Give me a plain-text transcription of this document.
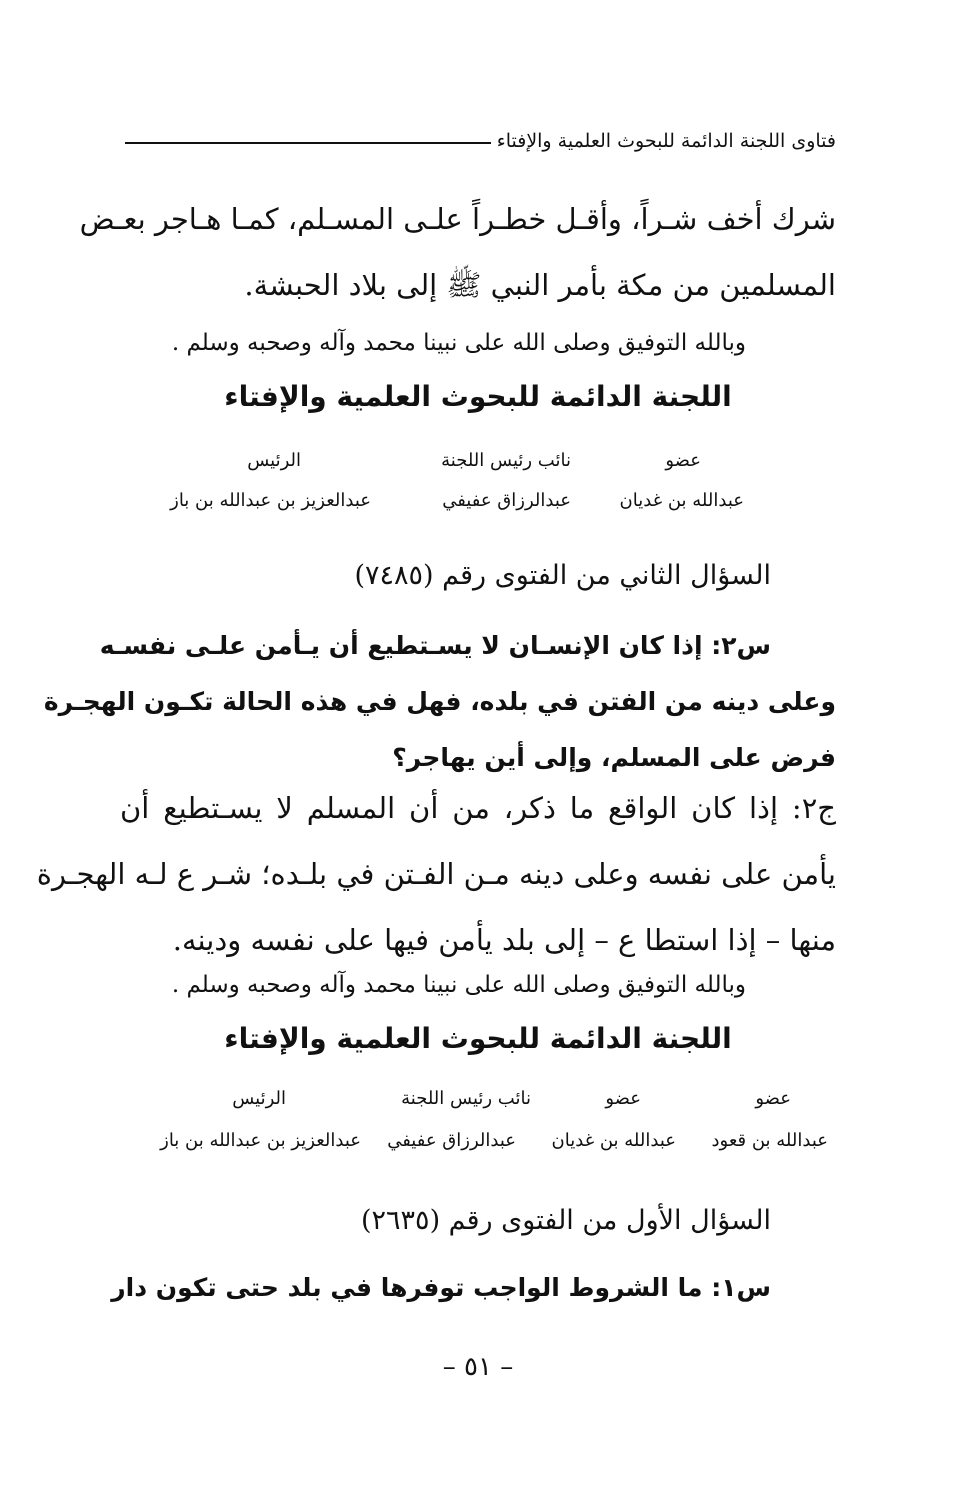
فتاوى اللجنة الدائمة للبحوث العلمية والإفتاء
شرك أخف شـراً، وأقـل خطـراً علـى المسـلم، كمـا هـاجر بعـض
المسلمين من مكة بأمر النبي ﷺ إلى بلاد الحبشة.
وبالله التوفيق وصلى الله على نبينا محمد وآله وصحبه وسلم .
اللجنة الدائمة للبحوث العلمية والإفتاء
عضو
نائب رئيس اللجنة
الرئيس
عبدالله بن غديان
عبدالرزاق عفيفي
عبدالعزيز بن عبدالله بن باز
السؤال الثاني من الفتوى رقم (٧٤٨٥)
س٢: إذا كان الإنسـان لا يسـتطيع أن يـأمن علـى نفسـه
وعلى دينه من الفتن في بلده، فهل في هذه الحالة تكـون الهجـرة
فرض على المسلم، وإلى أين يهاجر؟
ج٢: إذا كان الواقع ما ذكر، من أن المسلم لا يسـتطيع أن
يأمن على نفسه وعلى دينه مـن الفـتن في بلـده؛ شـر ع لـه الهجـرة
منها – إذا استطا ع – إلى بلد يأمن فيها على نفسه ودينه.
وبالله التوفيق وصلى الله على نبينا محمد وآله وصحبه وسلم .
اللجنة الدائمة للبحوث العلمية والإفتاء
عضو
عضو
نائب رئيس اللجنة
الرئيس
عبدالله بن قعود
عبدالله بن غديان
عبدالرزاق عفيفي
عبدالعزيز بن عبدالله بن باز
السؤال الأول من الفتوى رقم (٢٦٣٥)
س١: ما الشروط الواجب توفرها في بلد حتى تكون دار
– ٥١ –
